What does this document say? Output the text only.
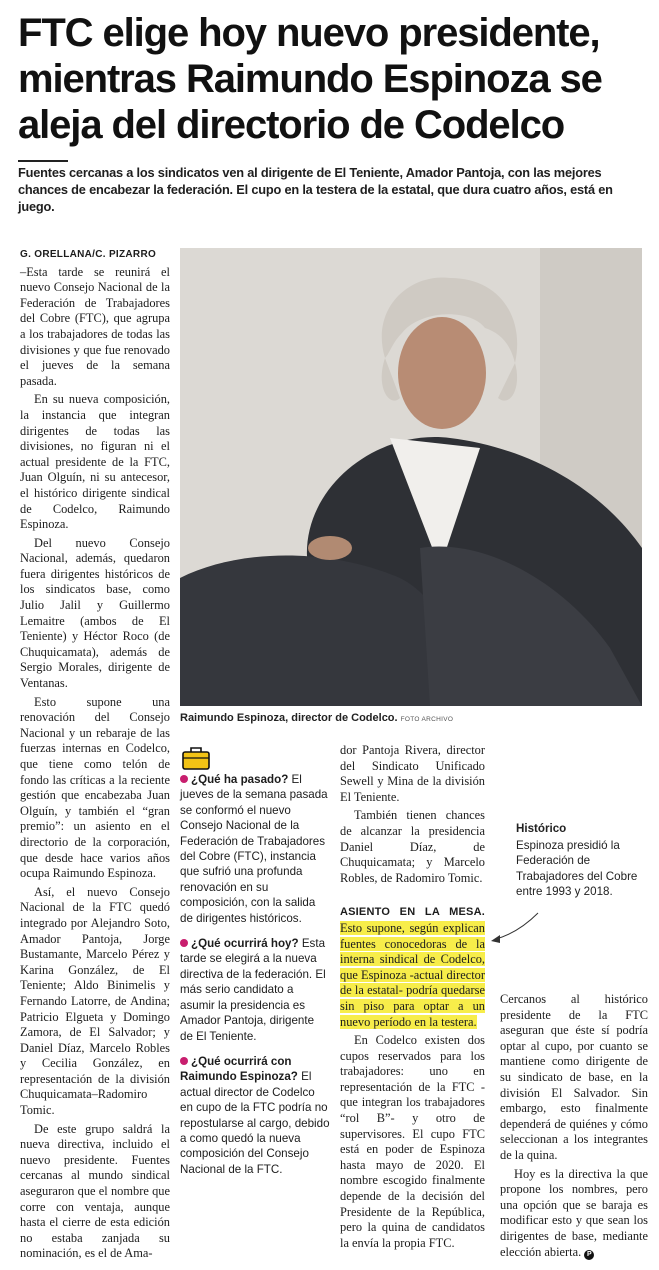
FTC elige hoy nuevo presidente, mientras Raimundo Espinoza se aleja del directorio de Codelco
Fuentes cercanas a los sindicatos ven al dirigente de El Teniente, Amador Pantoja, con las mejores chances de encabezar la federación. El cupo en la testera de la estatal, que dura cuatro años, está en juego.
G. ORELLANA/C. PIZARRO

–Esta tarde se reunirá el nuevo Consejo Nacional de la Federación de Trabajadores del Cobre (FTC), que agrupa a los trabajadores de todas las divisiones y que fue renovado el jueves de la semana pasada.

En su nueva composición, la instancia que integran dirigentes de todas las divisiones, no figuran ni el actual presidente de la FTC, Juan Olguín, ni su antecesor, el histórico dirigente sindical de Codelco, Raimundo Espinoza.

Del nuevo Consejo Nacional, además, quedaron fuera dirigentes históricos de los sindicatos base, como Julio Jalil y Guillermo Lemaitre (ambos de El Teniente) y Héctor Roco (de Chuquicamata), además de Sergio Morales, dirigente de Ventanas.

Esto supone una renovación del Consejo Nacional y un rebaraje de las fuerzas internas en Codelco, que tiene como telón de fondo las críticas a la reciente gestión que encabezaba Juan Olguín, y también el “gran premio”: un asiento en el directorio de la corporación, que desde hace varios años ocupa Raimundo Espinoza.

Así, el nuevo Consejo Nacional de la FTC quedó integrado por Alejandro Soto, Amador Pantoja, Jorge Bustamante, Marcelo Pérez y Karina González, de El Teniente; Aldo Binimelis y Fernando Latorre, de Andina; Patricio Elgueta y Domingo Zamora, de El Salvador; y Daniel Díaz, Marcelo Robles y Cecilia González, en representación de la división Chuquicamata–Radomiro Tomic.

De este grupo saldrá la nueva directiva, incluido el nuevo presidente. Fuentes cercanas al mundo sindical aseguraron que el nombre que corre con ventaja, aunque hasta el cierre de esta edición no estaba zanjada su nominación, es el de Ama-

Raimundo Espinoza, director de Codelco. FOTO ARCHIVO
¿Qué ha pasado? El jueves de la semana pasada se conformó el nuevo Consejo Nacional de la Federación de Trabajadores del Cobre (FTC), instancia que sufrió una profunda renovación en su composición, con la salida de dirigentes históricos.
¿Qué ocurrirá hoy? Esta tarde se elegirá a la nueva directiva de la federación. El más serio candidato a asumir la presidencia es Amador Pantoja, dirigente de El Teniente.
¿Qué ocurrirá con Raimundo Espinoza? El actual director de Codelco en cupo de la FTC podría no repostularse al cargo, debido a como quedó la nueva composición del Consejo Nacional de la FTC.

dor Pantoja Rivera, director del Sindicato Unificado Sewell y Mina de la división El Teniente.

También tienen chances de alcanzar la presidencia Daniel Díaz, de Chuquicamata; y Marcelo Robles, de Radomiro Tomic.

ASIENTO EN LA MESA. Esto supone, según explican fuentes conocedoras de la interna sindical de Codelco, que Espinoza -actual director de la estatal- podría quedarse sin piso para optar a un nuevo período en la testera.

En Codelco existen dos cupos reservados para los trabajadores: uno en representación de la FTC -que integran los trabajadores “rol B”- y otro de supervisores. El cupo FTC está en poder de Espinoza hasta mayo de 2020. El nombre escogido finalmente depende de la decisión del Presidente de la República, pero la quina de candidatos la envía la propia FTC.

Histórico
Espinoza presidió la Federación de Trabajadores del Cobre entre 1993 y 2018.

Cercanos al histórico presidente de la FTC aseguran que éste sí podría optar al cupo, por cuanto se mantiene como dirigente de su sindicato de base, en la división El Salvador. Sin embargo, esto finalmente dependerá de quiénes y cómo seleccionan a los integrantes de la quina.

Hoy es la directiva la que propone los nombres, pero una opción que se baraja es modificar esto y que sean los dirigentes de base, mediante elección abierta. P
